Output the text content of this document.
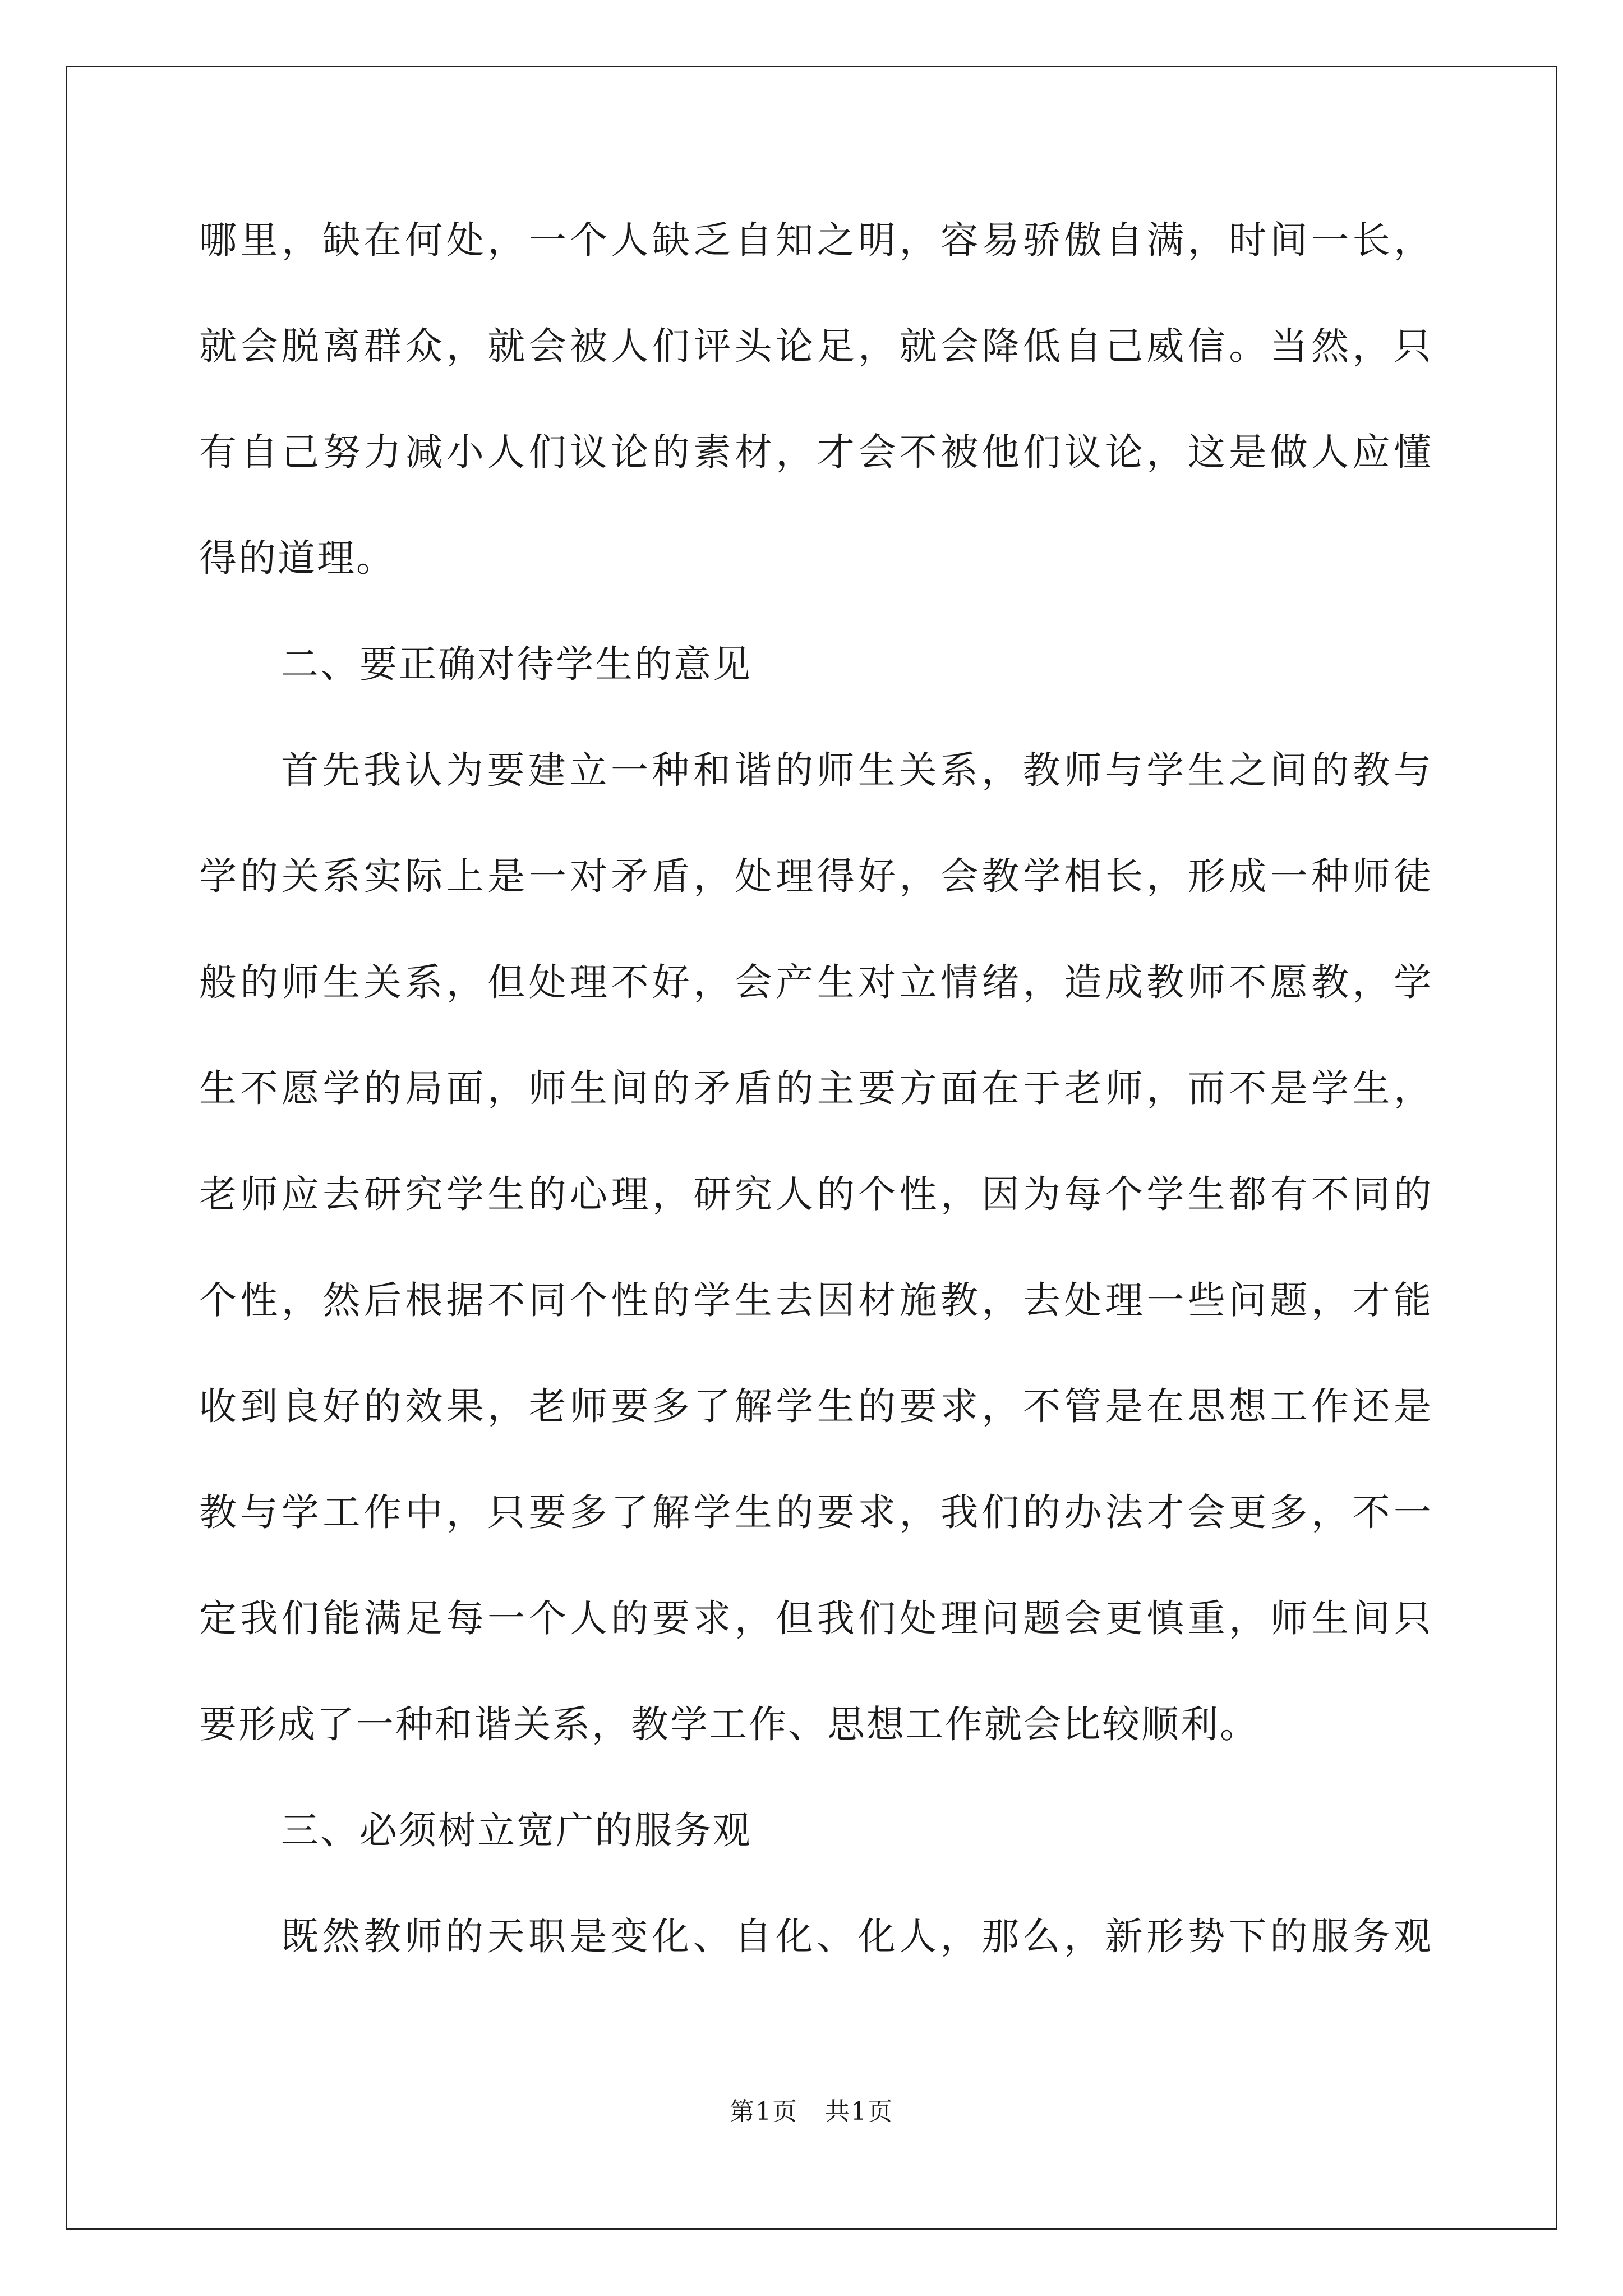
哪里，缺在何处，一个人缺乏自知之明，容易骄傲自满，时间一长，
就会脱离群众，就会被人们评头论足，就会降低自己威信。当然，只
有自己努力减小人们议论的素材，才会不被他们议论，这是做人应懂
得的道理。
二、要正确对待学生的意见
首先我认为要建立一种和谐的师生关系，教师与学生之间的教与
学的关系实际上是一对矛盾，处理得好，会教学相长，形成一种师徒
般的师生关系，但处理不好，会产生对立情绪，造成教师不愿教，学
生不愿学的局面，师生间的矛盾的主要方面在于老师，而不是学生，
老师应去研究学生的心理，研究人的个性，因为每个学生都有不同的
个性，然后根据不同个性的学生去因材施教，去处理一些问题，才能
收到良好的效果，老师要多了解学生的要求，不管是在思想工作还是
教与学工作中，只要多了解学生的要求，我们的办法才会更多，不一
定我们能满足每一个人的要求，但我们处理问题会更慎重，师生间只
要形成了一种和谐关系，教学工作、思想工作就会比较顺利。
三、必须树立宽广的服务观
既然教师的天职是变化、自化、化人，那么，新形势下的服务观
第1页   共1页
